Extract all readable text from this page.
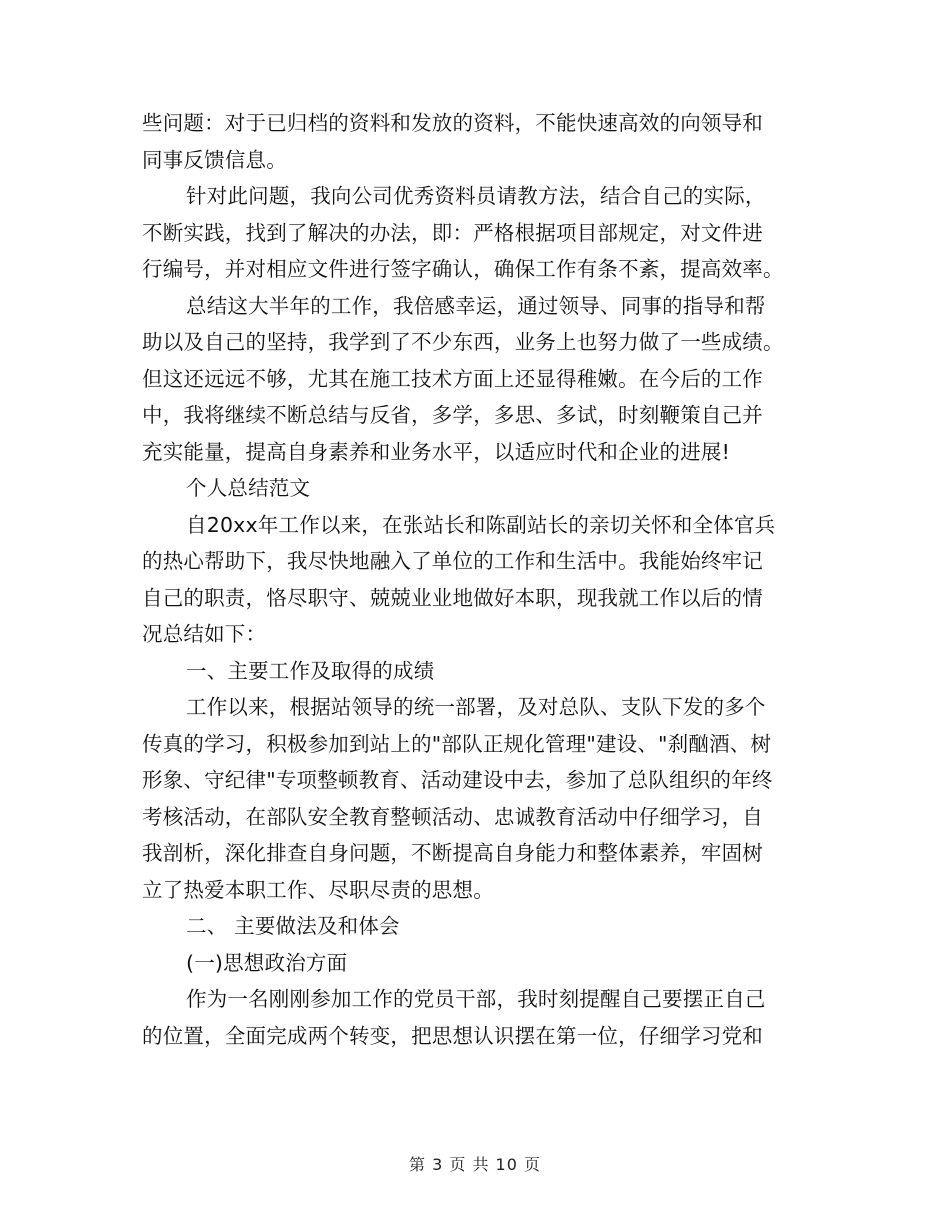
些问题：对于已归档的资料和发放的资料，不能快速高效的向领导和
同事反馈信息。
针对此问题，我向公司优秀资料员请教方法，结合自己的实际，
不断实践，找到了解决的办法，即：严格根据项目部规定，对文件进
行编号，并对相应文件进行签字确认，确保工作有条不紊，提高效率。
总结这大半年的工作，我倍感幸运，通过领导、同事的指导和帮
助以及自己的坚持，我学到了不少东西，业务上也努力做了一些成绩。
但这还远远不够，尤其在施工技术方面上还显得稚嫩。在今后的工作
中，我将继续不断总结与反省，多学，多思、多试，时刻鞭策自己并
充实能量，提高自身素养和业务水平，以适应时代和企业的进展!
个人总结范文
自20xx年工作以来，在张站长和陈副站长的亲切关怀和全体官兵
的热心帮助下，我尽快地融入了单位的工作和生活中。我能始终牢记
自己的职责，恪尽职守、兢兢业业地做好本职，现我就工作以后的情
况总结如下：
一、主要工作及取得的成绩
工作以来，根据站领导的统一部署，及对总队、支队下发的多个
传真的学习，积极参加到站上的"部队正规化管理"建设、"刹酗酒、树
形象、守纪律"专项整顿教育、活动建设中去，参加了总队组织的年终
考核活动，在部队安全教育整顿活动、忠诚教育活动中仔细学习，自
我剖析，深化排查自身问题，不断提高自身能力和整体素养，牢固树
立了热爱本职工作、尽职尽责的思想。
二、 主要做法及和体会
(一)思想政治方面
作为一名刚刚参加工作的党员干部，我时刻提醒自己要摆正自己
的位置，全面完成两个转变，把思想认识摆在第一位，仔细学习党和
第 3 页 共 10 页
